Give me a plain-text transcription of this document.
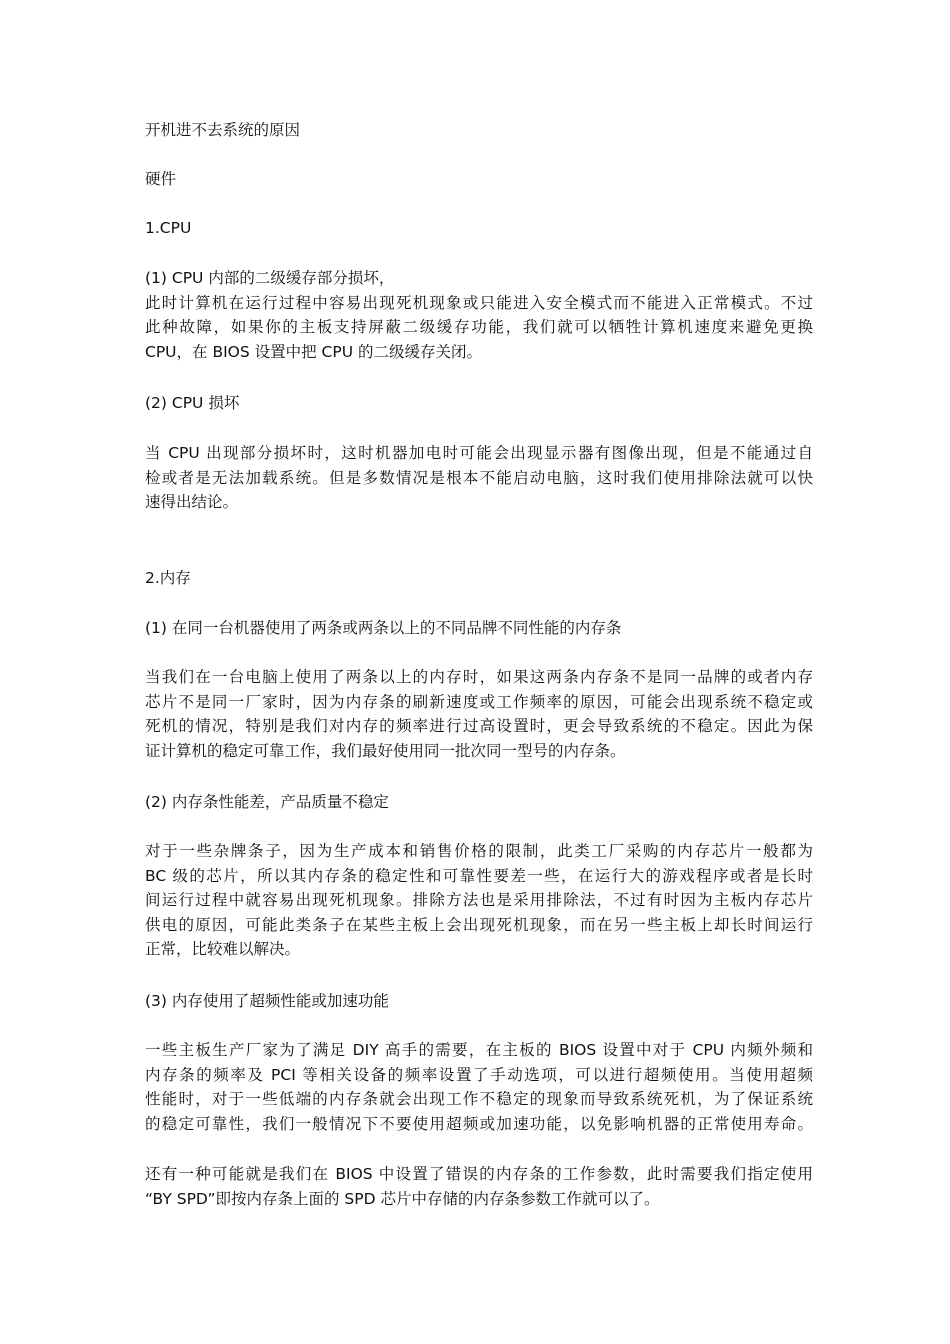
开机进不去系统的原因

硬件

1.CPU

(1) CPU 内部的二级缓存部分损坏，
此时计算机在运行过程中容易出现死机现象或只能进入安全模式而不能进入正常模式。不过
此种故障，如果你的主板支持屏蔽二级缓存功能，我们就可以牺牲计算机速度来避免更换
CPU，在 BIOS 设置中把 CPU 的二级缓存关闭。

(2) CPU 损坏

当 CPU 出现部分损坏时，这时机器加电时可能会出现显示器有图像出现，但是不能通过自
检或者是无法加载系统。但是多数情况是根本不能启动电脑，这时我们使用排除法就可以快
速得出结论。

2.内存

(1) 在同一台机器使用了两条或两条以上的不同品牌不同性能的内存条

当我们在一台电脑上使用了两条以上的内存时，如果这两条内存条不是同一品牌的或者内存
芯片不是同一厂家时，因为内存条的刷新速度或工作频率的原因，可能会出现系统不稳定或
死机的情况，特别是我们对内存的频率进行过高设置时，更会导致系统的不稳定。因此为保
证计算机的稳定可靠工作，我们最好使用同一批次同一型号的内存条。

(2) 内存条性能差，产品质量不稳定

对于一些杂牌条子，因为生产成本和销售价格的限制，此类工厂采购的内存芯片一般都为
BC 级的芯片，所以其内存条的稳定性和可靠性要差一些，在运行大的游戏程序或者是长时
间运行过程中就容易出现死机现象。排除方法也是采用排除法，不过有时因为主板内存芯片
供电的原因，可能此类条子在某些主板上会出现死机现象，而在另一些主板上却长时间运行
正常，比较难以解决。

(3) 内存使用了超频性能或加速功能

一些主板生产厂家为了满足 DIY 高手的需要，在主板的 BIOS 设置中对于 CPU 内频外频和
内存条的频率及 PCI 等相关设备的频率设置了手动选项，可以进行超频使用。当使用超频
性能时，对于一些低端的内存条就会出现工作不稳定的现象而导致系统死机，为了保证系统
的稳定可靠性，我们一般情况下不要使用超频或加速功能，以免影响机器的正常使用寿命。
还有一种可能就是我们在 BIOS 中设置了错误的内存条的工作参数，此时需要我们指定使用
“BY SPD”即按内存条上面的 SPD 芯片中存储的内存条参数工作就可以了。
